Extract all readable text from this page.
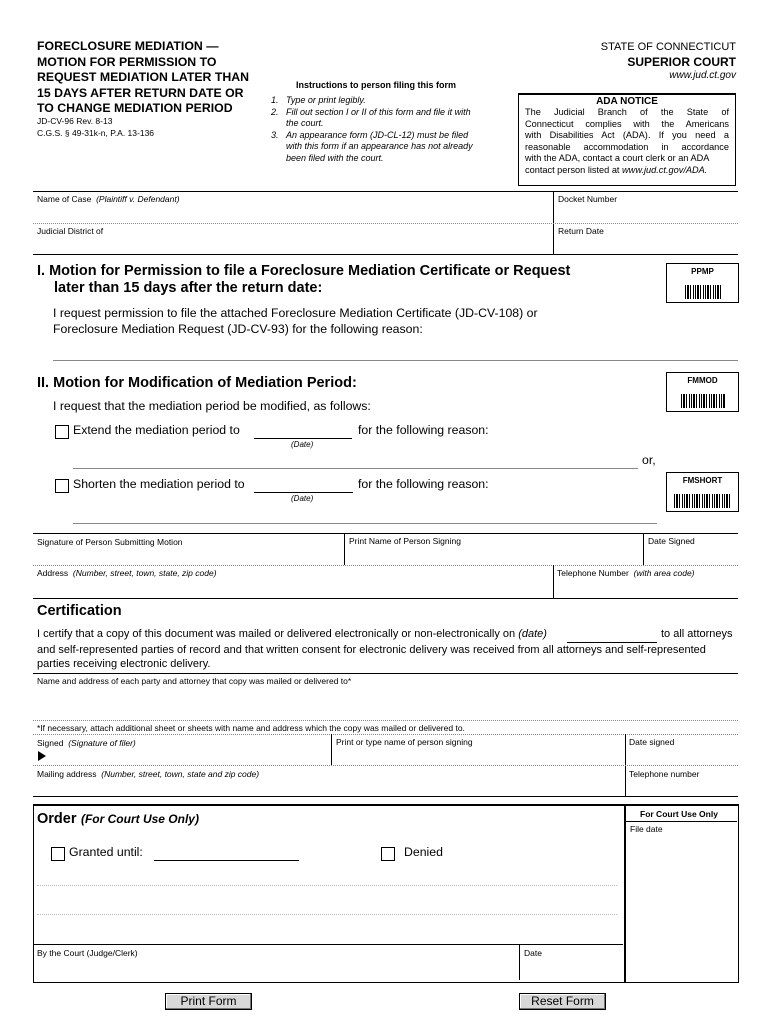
FORECLOSURE MEDIATION —
MOTION FOR PERMISSION TO
REQUEST MEDIATION LATER THAN
15 DAYS AFTER RETURN DATE OR
TO CHANGE MEDIATION PERIOD
JD-CV-96 Rev. 8-13
C.G.S. § 49-31k-n, P.A. 13-136
STATE OF CONNECTICUT
SUPERIOR COURT
www.jud.ct.gov
Instructions to person filing this form
1. Type or print legibly.
2. Fill out section I or II of this form and file it with
the court.
3. An appearance form (JD-CL-12) must be filed
with this form if an appearance has not already
been filed with the court.
ADA NOTICE
The Judicial Branch of the State of
Connecticut complies with the Americans
with Disabilities Act (ADA). If you need a
reasonable accommodation in accordance
with the ADA, contact a court clerk or an ADA
contact person listed at www.jud.ct.gov/ADA.
Name of Case (Plaintiff v. Defendant)	Docket Number
Judicial District of	Return Date
I. Motion for Permission to file a Foreclosure Mediation Certificate or Request
later than 15 days after the return date:
PPMP
I request permission to file the attached Foreclosure Mediation Certificate (JD-CV-108) or
Foreclosure Mediation Request (JD-CV-93) for the following reason:
II. Motion for Modification of Mediation Period:	FMMOD
I request that the mediation period be modified, as follows:
Extend the mediation period to
(Date)
for the following reason:
or,
FMSHORT
Shorten the mediation period to
(Date)
for the following reason:
Signature of Person Submitting Motion	Print Name of Person Signing	Date Signed
Address (Number, street, town, state, zip code)	Telephone Number (with area code)
Certification
I certify that a copy of this document was mailed or delivered electronically or non-electronically on (date)	to all attorneys
and self-represented parties of record and that written consent for electronic delivery was received from all attorneys and self-represented
parties receiving electronic delivery.
Name and address of each party and attorney that copy was mailed or delivered to*
*If necessary, attach additional sheet or sheets with name and address which the copy was mailed or delivered to.
Signed (Signature of filer)	Print or type name of person signing	Date signed
Mailing address (Number, street, town, state and zip code)	Telephone number
Order (For Court Use Only)
Granted until:	Denied
By the Court (Judge/Clerk)	Date
For Court Use Only
File date
Print Form	Reset Form
